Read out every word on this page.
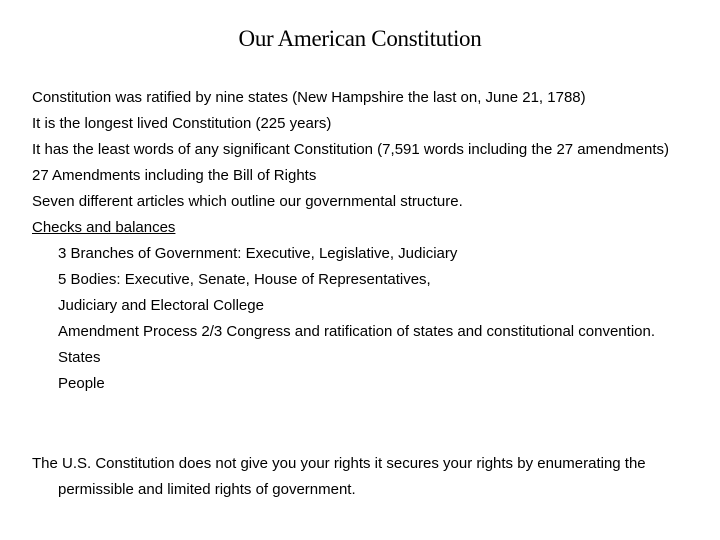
Our American Constitution

Constitution was ratified by nine states (New Hampshire the last on, June 21, 1788)

It is the longest lived Constitution (225 years)

It has the least words of any significant Constitution (7,591 words including the 27 amendments)

27 Amendments including the Bill of Rights

Seven different articles which outline our governmental structure.

Checks and balances

3 Branches of Government: Executive, Legislative, Judiciary

5 Bodies: Executive, Senate, House of Representatives,

Judiciary and Electoral College

Amendment Process 2/3 Congress and ratification of states and constitutional convention.

States

People

The U.S. Constitution does not give you your rights it secures your rights by enumerating the permissible and limited rights of government.
